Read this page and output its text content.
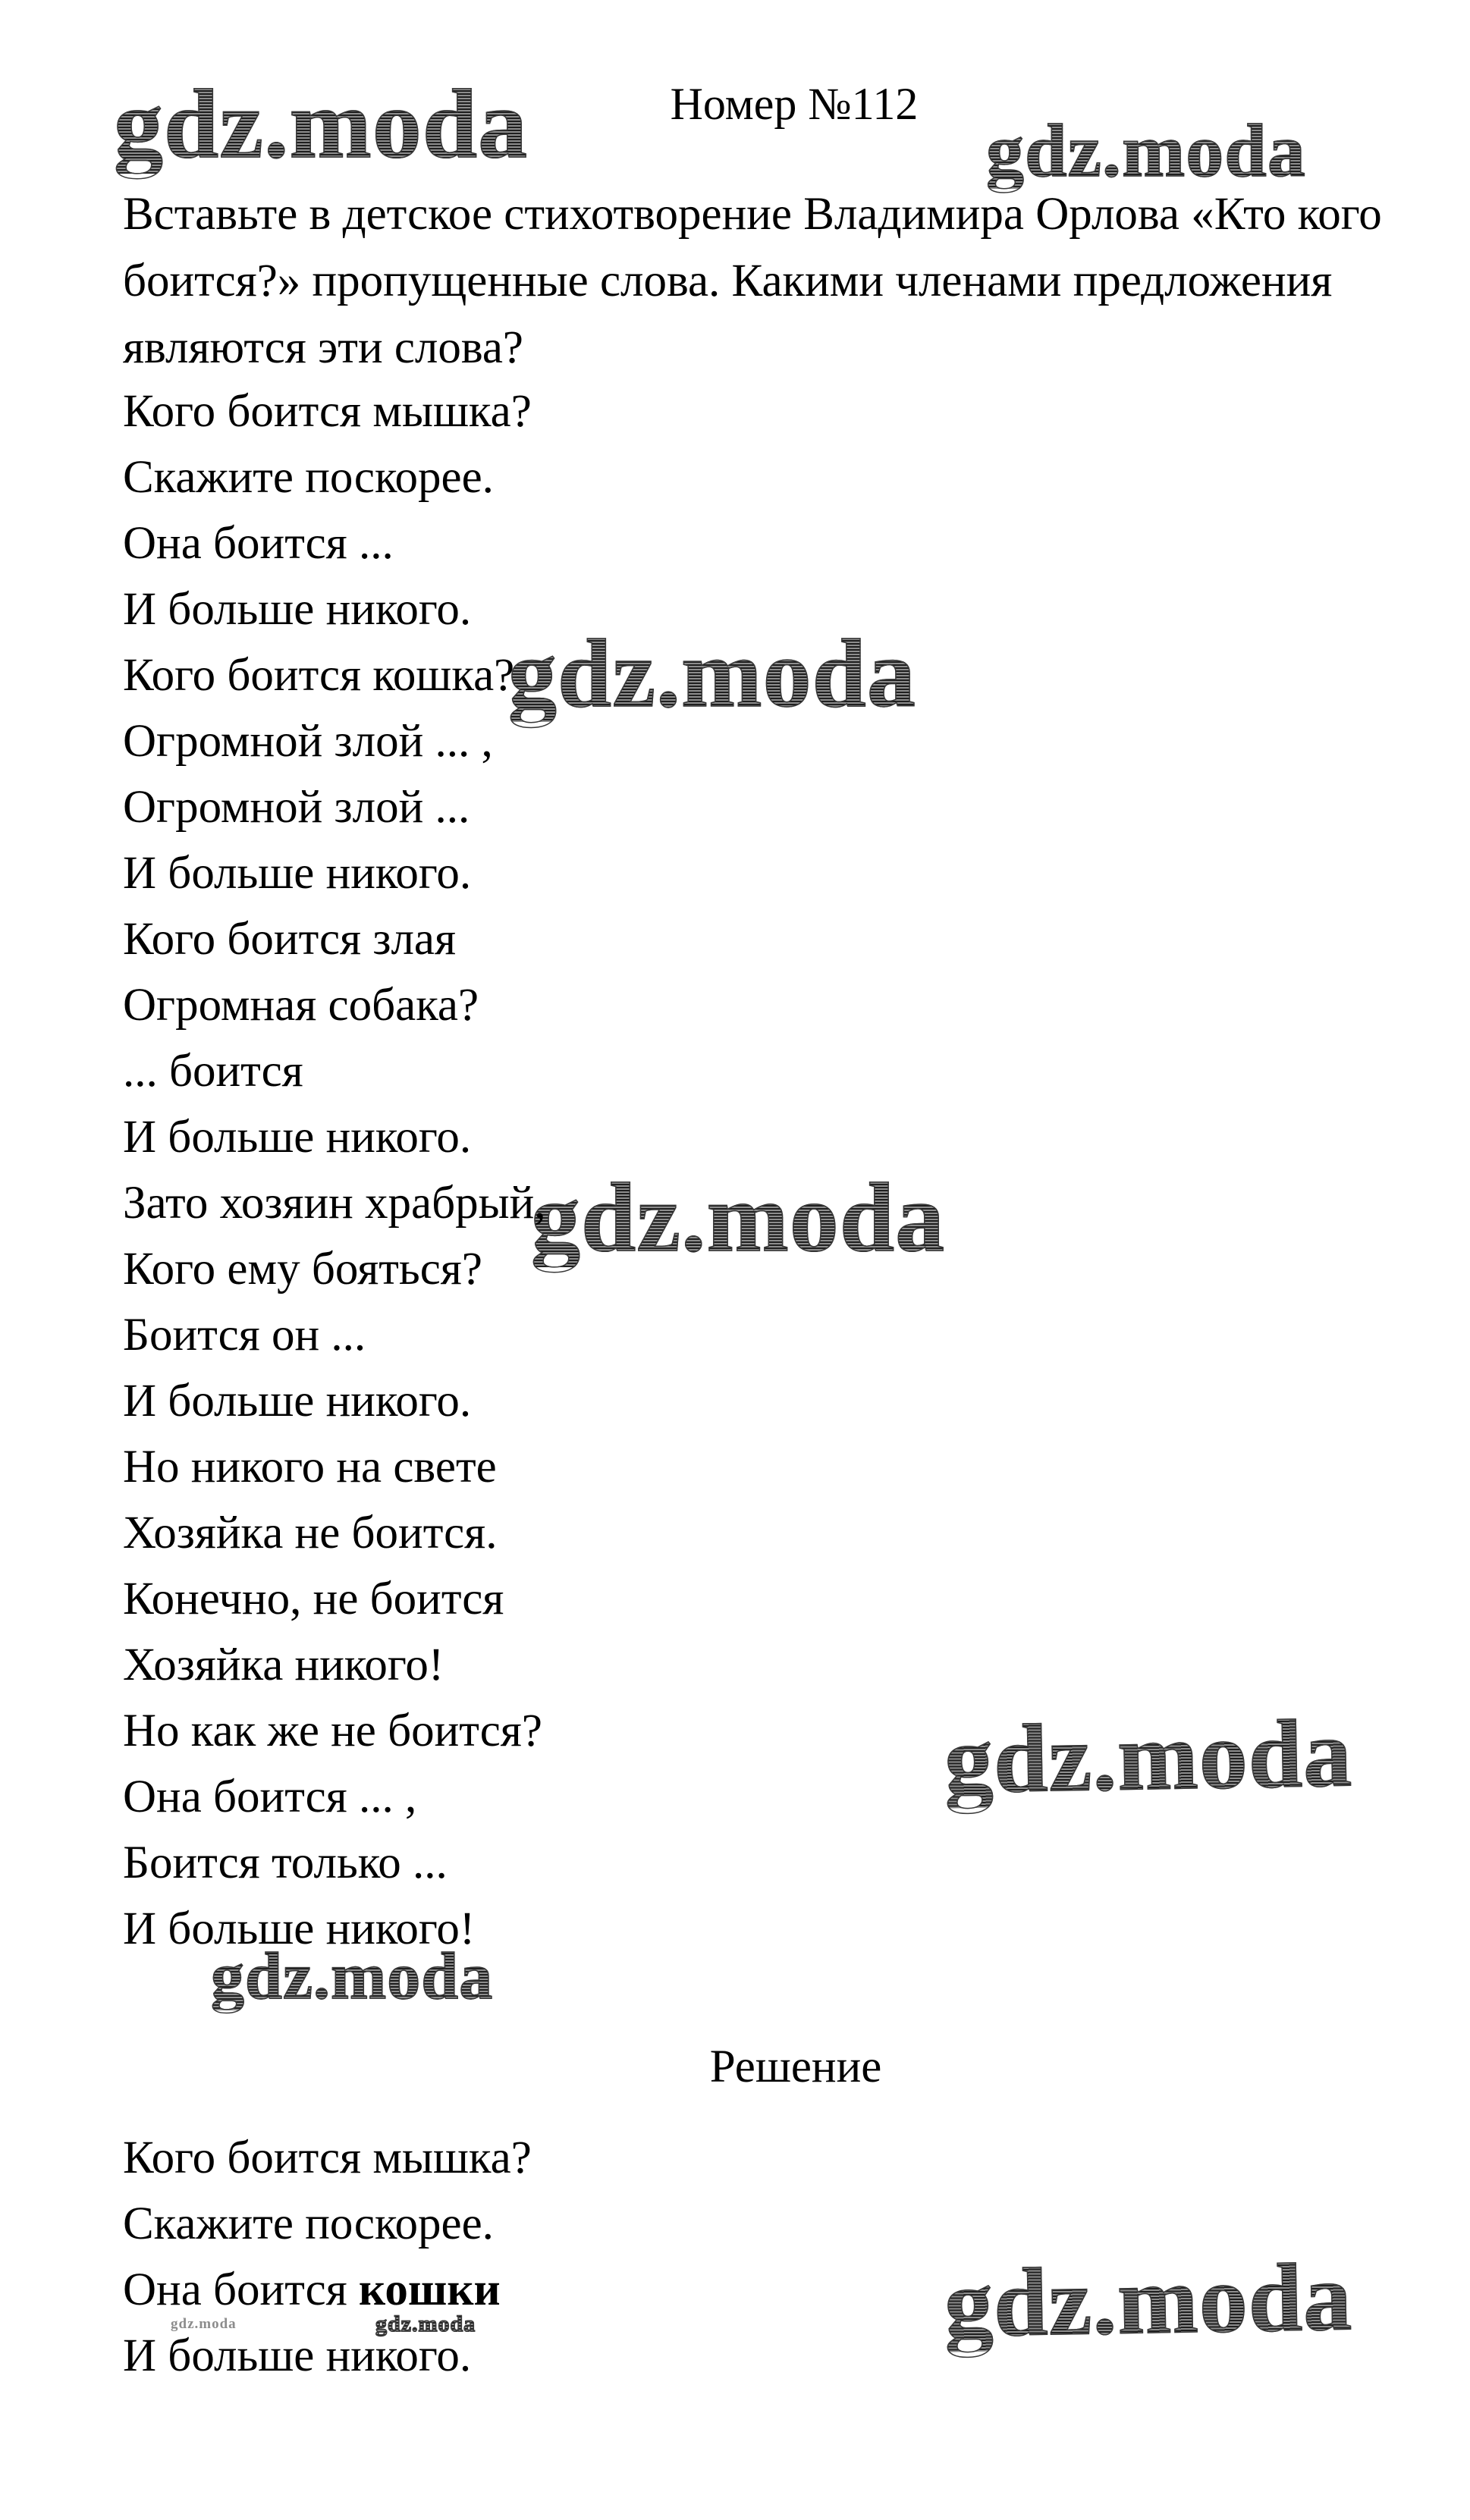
gdz.moda	gdz.moda
gdz.moda
gdz.moda
gdz.moda
gdz.moda
gdz.moda
gdz.moda	gdz.moda
Номер №112
Вставьте в детское стихотворение Владимира Орлова «Кто кого
боится?» пропущенные слова. Какими членами предложения
являются эти слова?
Кого боится мышка?
Скажите поскорее.
Она боится ...
И больше никого.
Кого боится кошка?
Огромной злой ... ,
Огромной злой ...
И больше никого.
Кого боится злая
Огромная собака?
... боится
И больше никого.
Зато хозяин храбрый,
Кого ему бояться?
Боится он ...
И больше никого.
Но никого на свете
Хозяйка не боится.
Конечно, не боится
Хозяйка никого!
Но как же не боится?
Она боится ... ,
Боится только ...
И больше никого!
Решение
Кого боится мышка?
Скажите поскорее.
Она боится кошки
И больше никого.
